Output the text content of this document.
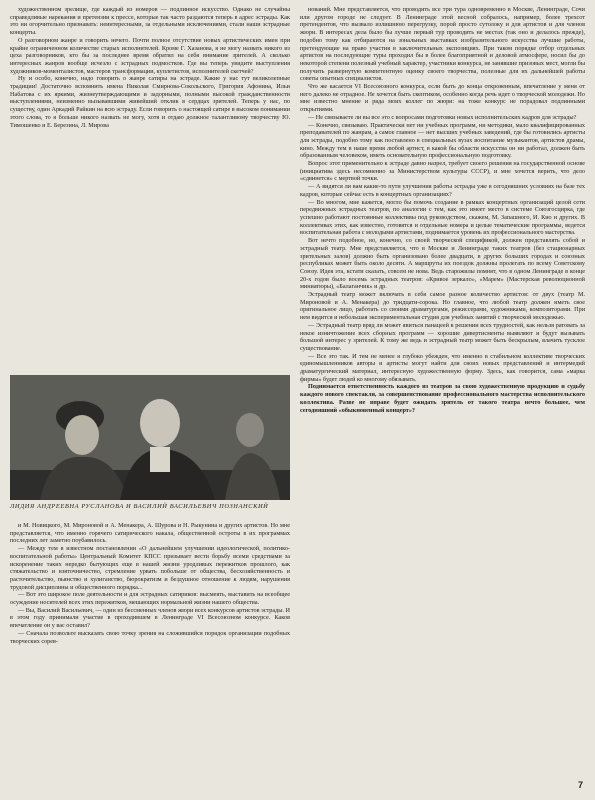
художественном зрелище, где каждый из номеров — подлинное искусство. Однако не случайны справедливые нарекания и претензии к прессе, которые так часто раздаются теперь в адрес эстрады. Как это ни огорчительно признавать: неинтересными, за отдельными исключениями, стали наши эстрадные концерты.

О разговорном жанре и говорить нечего. Почти полное отсутствие новых артистических имен при крайне ограниченном количестве старых исполнителей. Кроме Г. Хазанова, я не могу назвать никого из цеха разговорников, кто бы за последнее время обратил на себя внимание зрителей. А сколько интересных жанров вообще исчезло с эстрадных подмостков. Где вы теперь увидите выступления художников-моменталистов, мастеров трансформации, куплетистов, исполнителей скетчей?

Ну и особо, конечно, надо говорить о жанре сатиры на эстраде. Какие у нас тут великолепные традиции! Достаточно вспомнить имена Николая Смирнова-Сокольского, Григория Афонина, Ильи Набатова с их яркими, жизнеутверждающими и задорными, полными высокой гражданственности выступлениями, неизменно вызывавшими живейший отклик в сердцах зрителей. Теперь у нас, по существу, один Аркадий Райкин на всю эстраду. Если говорить о настоящей сатире в высоком понимании этого слова, то я больше никого назвать не могу, хотя и отдаю должное талантливому творчеству Ю. Тимошенко и Е. Березина, Л. Мирова

ЛИДИЯ АНДРЕЕВНА РУСЛАНОВА И ВАСИЛИЙ ВАСИЛЬЕВИЧ ПОЗНАНСКИЙ

и М. Новицкого, М. Мироновой и А. Менакера, А. Шурова и Н. Рыкунина и других артистов. Но мне представляется, что именно горячего сатирического накала, общественной остроты в их программах последних лет заметно поубавилось.

— Между тем в известном постановлении «О дальнейшем улучшении идеологической, политико-воспитательной работы» Центральный Комитет КПСС призывает вести борьбу всеми средствами за искоренение таких нередко бытующих еще в нашей жизни уродливых пережитков прошлого, как стяжательство и взяточничество, стремление урвать побольше от общества, бесхозяйственность и расточительство, пьянство и хулиганство, бюрократизм и бездушное отношение к людям, нарушения трудовой дисциплины и общественного порядка...

— Вот это широкое поле деятельности и для эстрадных сатириков: высмеять, выставить на всеобщее осуждение носителей всех этих пережитков, мешающих нормальной жизни нашего общества.

— Вы, Василий Васильевич, — один из бессменных членов жюри всех конкурсов артистов эстрады. И в этом году принимали участие в проходившем в Ленинграде VI Всесоюзном конкурсе. Каков впечатление он у вас оставил?

— Сначала позвольте высказать свою точку зрения на сложившийся порядок организации подобных творческих сорев-

нований. Мне представляется, что проводить все три тура одновременно в Москве, Ленинграде, Сочи или другом городе не следует. В Ленинграде этой весной собралось, например, более трехсот претендентов, что вызвало излишнюю перегрузку, порой просто сутолоку и для артистов и для членов жюри. В интересах дела было бы лучше первый тур проводить не местах (так оно и делалось прежде), подобно тому как отбираются на зональных выставках изобразительного искусства лучшие работы, претендующие на право участия в заключительных экспозициях. При таком порядке отбор отдельных артистов на последующие туры проходил бы в более благоприятной и деловой атмосфере, носил бы до некоторой степени полезный учебный характер, участники конкурса, не занявшие призовых мест, могли бы получить развернутую компетентную оценку своего творчества, полезные для их дальнейшей работы советы опытных специалистов.

Что же касается VI Всесоюзного конкурса, если быть до конца откровенным, впечатление у меня от него далеко не отрадное. Не хочется быть скептиком, особенно когда речь идет о творческой молодежи. Но мне известно мнение и ряда моих коллег по жюри: на тоже конкурс не порадовал подлинными открытиями.

— Не связываете ли вы все это с вопросами подготовки новых исполнительских кадров для эстрады?

— Конечно, связываю. Практически нет ни учебных программ, ни методики, мало квалифицированных преподавателей по жанрам, а самое главное — нет высших учебных заведений, где бы готовились артисты для эстрады, подобно тому как поставлено в специальных вузах воспитание музыкантов, артистов драмы, кино. Между тем в наше время любой артист, в какой бы области искусства он ни работал, должен быть образованным человеком, иметь основательную профессиональную подготовку.

Вопрос этот применительно к эстраде давно назрел, требует своего решения на государственной основе (инициатива здесь несомненно за Министерством культуры СССР), и мне хочется верить, что дело «сдвинется» с мертвой точки.

— А видятся ли вам какие-то пути улучшения работы эстрады уже в сегодняшних условиях на базе тех кадров, которые сейчас есть в концертных организациях?

— Во многом, мне кажется, могло бы помочь создание в рамках концертных организаций целой сети передвижных эстрадных театров, по аналогии с тем, как это имеет место в системе Союзгосцирка, где успешно работают постоянные коллективы под руководством, скажем, М. Запашного, И. Кио и других. В коллективах этих, как известно, готовятся и отдельные номера и целые тематические программы, ведется воспитательная работа с молодыми артистами, поднимается уровень их профессионального мастерства.

Вот нечто подобное, но, конечно, со своей творческой спецификой, должен представлять собой и эстрадный театр. Мне представляется, что в Москве и Ленинграде таких театров (без стационарных зрительных залов) должно быть организовано более двадцати, в других больших городах и союзных республиках может быть около десяти. А маршруты их поездок должны пролегать по всему Советскому Союзу. Идея эта, кстати сказать, совсем не нова. Ведь старожилы помнят, что в одном Ленинграде в конце 20-х годов было восемь эстрадных театров: «Кривое зеркало», «Марем» (Мастерская революционной миниатюры), «Балаганчик» и др.

Эстрадный театр может включать в себя самое разное количество артистов: от двух (театр М. Мироновой и А. Менакера) до тридцати-сорока. Но главное, что любой театр должен иметь свое оригинальное лицо, работать со своими драматургами, режиссерами, художниками, композиторами. При нем видится и небольшая экспериментальная студия для учебных занятий с творческой молодежью.

— Эстрадный театр вряд ли может явиться панацеей в решении всех трудностей, как нельзя ратовать за некое изничтожение всех сборных программ — хорошие дивертисменты выявляют и будут вызывать большой интерес у зрителей. К тому же ведь и эстрадный театр может быть бескрылым, влачить тусклое существование.

— Все это так. И тем не менее я глубоко убежден, что именно в стабильном коллективе творческих единомышленников авторы и артисты могут найти для своих новых представлений и интермедий драматургический материал, интересную художественную форму. Здесь, как говорится, сама «марка фирмы» будет людей ко многому обязывать.

Поднимается ответственность каждого из театров за свою художественную продукцию и судьбу каждого нового спектакля, за совершенствование профессионального мастерства исполнительского коллектива. Разве не вправе будет ожидать зритель от такого театра нечто большее, чем сегодняшний «обыкновенный концерт»?

7
